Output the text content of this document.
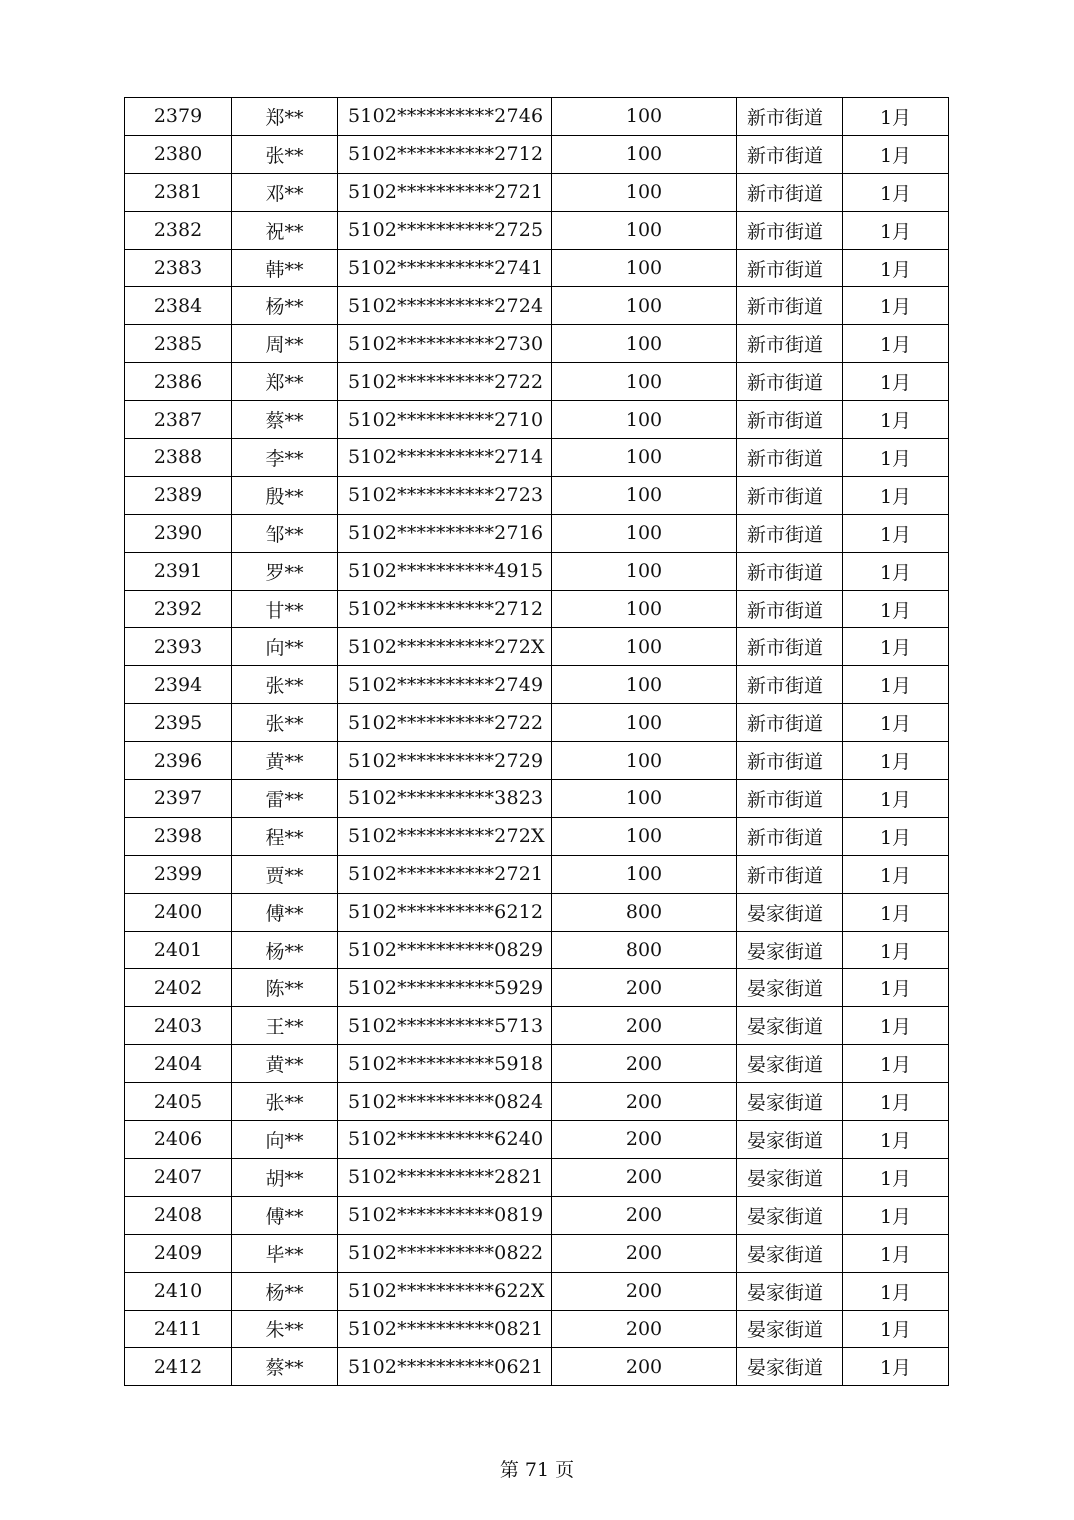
2379	郑**	5102**********2746	100	新市街道	1月
2380	张**	5102**********2712	100	新市街道	1月
2381	邓**	5102**********2721	100	新市街道	1月
2382	祝**	5102**********2725	100	新市街道	1月
2383	韩**	5102**********2741	100	新市街道	1月
2384	杨**	5102**********2724	100	新市街道	1月
2385	周**	5102**********2730	100	新市街道	1月
2386	郑**	5102**********2722	100	新市街道	1月
2387	蔡**	5102**********2710	100	新市街道	1月
2388	李**	5102**********2714	100	新市街道	1月
2389	殷**	5102**********2723	100	新市街道	1月
2390	邹**	5102**********2716	100	新市街道	1月
2391	罗**	5102**********4915	100	新市街道	1月
2392	甘**	5102**********2712	100	新市街道	1月
2393	向**	5102**********272X	100	新市街道	1月
2394	张**	5102**********2749	100	新市街道	1月
2395	张**	5102**********2722	100	新市街道	1月
2396	黄**	5102**********2729	100	新市街道	1月
2397	雷**	5102**********3823	100	新市街道	1月
2398	程**	5102**********272X	100	新市街道	1月
2399	贾**	5102**********2721	100	新市街道	1月
2400	傅**	5102**********6212	800	晏家街道	1月
2401	杨**	5102**********0829	800	晏家街道	1月
2402	陈**	5102**********5929	200	晏家街道	1月
2403	王**	5102**********5713	200	晏家街道	1月
2404	黄**	5102**********5918	200	晏家街道	1月
2405	张**	5102**********0824	200	晏家街道	1月
2406	向**	5102**********6240	200	晏家街道	1月
2407	胡**	5102**********2821	200	晏家街道	1月
2408	傅**	5102**********0819	200	晏家街道	1月
2409	毕**	5102**********0822	200	晏家街道	1月
2410	杨**	5102**********622X	200	晏家街道	1月
2411	朱**	5102**********0821	200	晏家街道	1月
2412	蔡**	5102**********0621	200	晏家街道	1月
第 71 页
